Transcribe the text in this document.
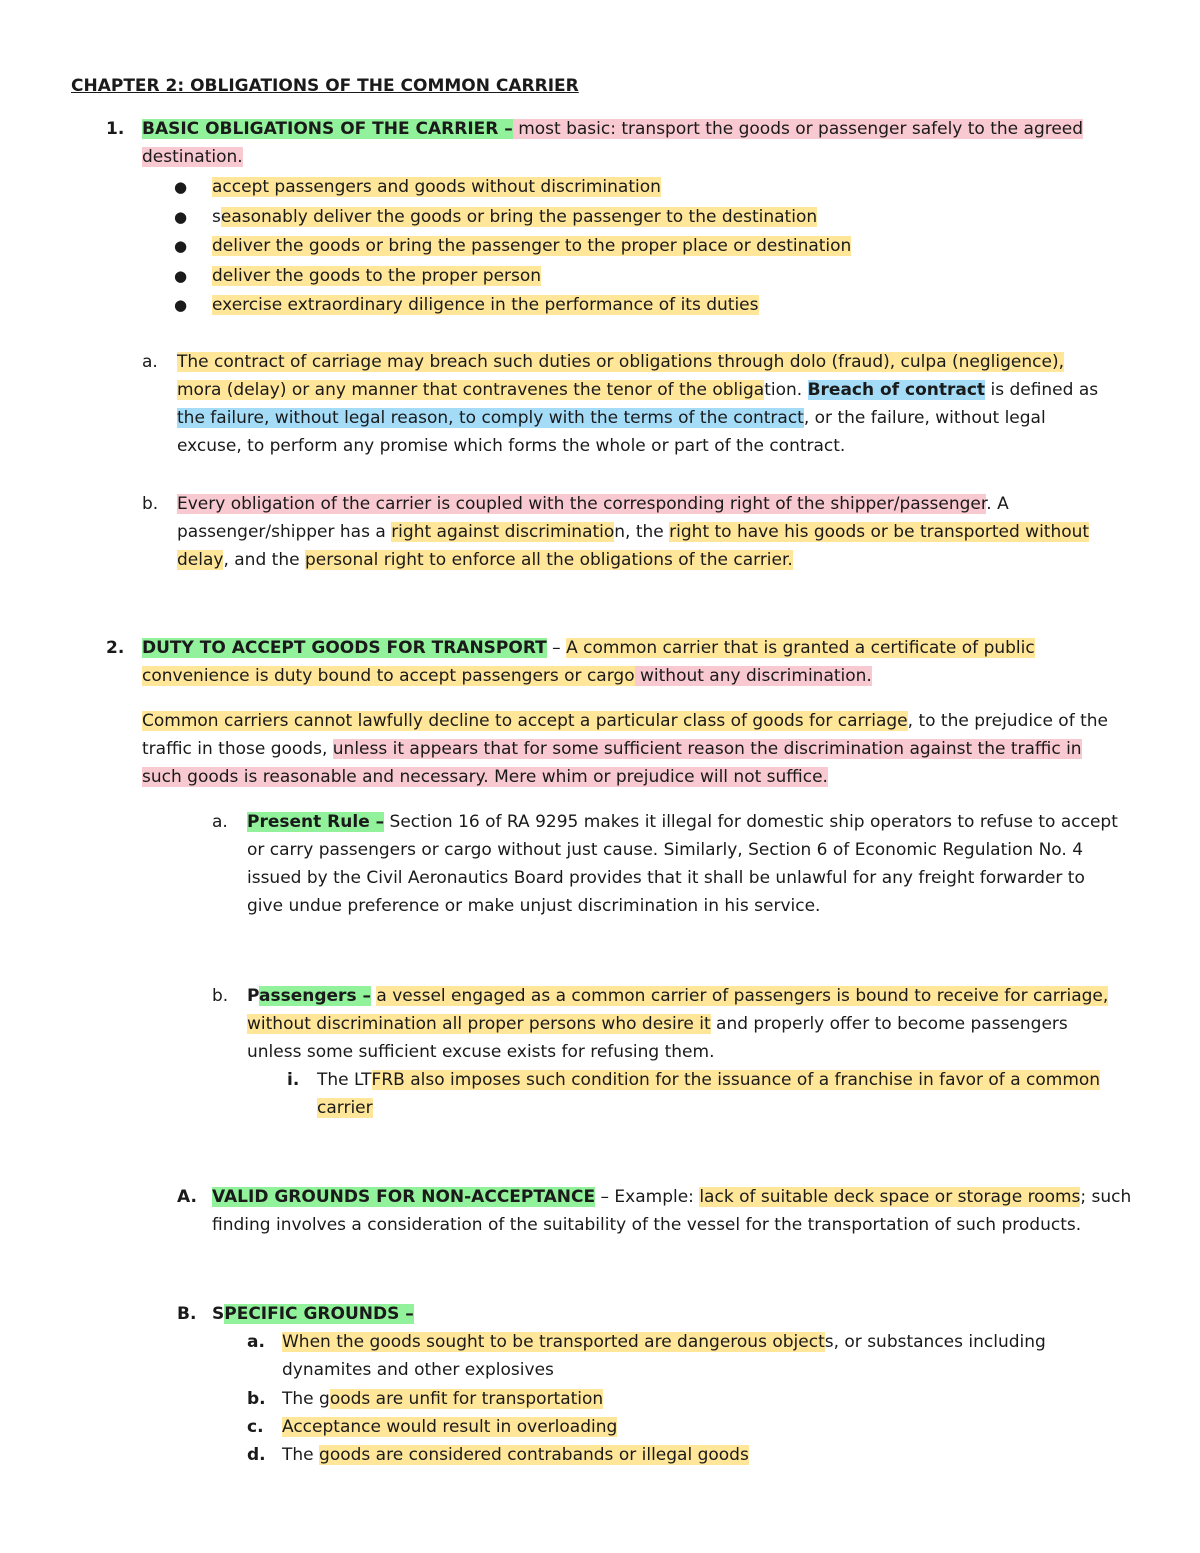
CHAPTER 2: OBLIGATIONS OF THE COMMON CARRIER
1. BASIC OBLIGATIONS OF THE CARRIER – most basic: transport the goods or passenger safely to the agreed
destination.
● accept passengers and goods without discrimination
● seasonably deliver the goods or bring the passenger to the destination
● deliver the goods or bring the passenger to the proper place or destination
● deliver the goods to the proper person
● exercise extraordinary diligence in the performance of its duties
a. The contract of carriage may breach such duties or obligations through dolo (fraud), culpa (negligence),
mora (delay) or any manner that contravenes the tenor of the obligation. Breach of contract is defined as
the failure, without legal reason, to comply with the terms of the contract, or the failure, without legal
excuse, to perform any promise which forms the whole or part of the contract.
b. Every obligation of the carrier is coupled with the corresponding right of the shipper/passenger. A
passenger/shipper has a right against discrimination, the right to have his goods or be transported without
delay, and the personal right to enforce all the obligations of the carrier.
2. DUTY TO ACCEPT GOODS FOR TRANSPORT – A common carrier that is granted a certificate of public
convenience is duty bound to accept passengers or cargo without any discrimination.
Common carriers cannot lawfully decline to accept a particular class of goods for carriage, to the prejudice of the
traffic in those goods, unless it appears that for some sufficient reason the discrimination against the traffic in
such goods is reasonable and necessary. Mere whim or prejudice will not suffice.
a. Present Rule – Section 16 of RA 9295 makes it illegal for domestic ship operators to refuse to accept
or carry passengers or cargo without just cause. Similarly, Section 6 of Economic Regulation No. 4
issued by the Civil Aeronautics Board provides that it shall be unlawful for any freight forwarder to
give undue preference or make unjust discrimination in his service.
b. Passengers – a vessel engaged as a common carrier of passengers is bound to receive for carriage,
without discrimination all proper persons who desire it and properly offer to become passengers
unless some sufficient excuse exists for refusing them.
i. The LTFRB also imposes such condition for the issuance of a franchise in favor of a common
carrier
A. VALID GROUNDS FOR NON-ACCEPTANCE – Example: lack of suitable deck space or storage rooms; such
finding involves a consideration of the suitability of the vessel for the transportation of such products.
B. SPECIFIC GROUNDS –
a. When the goods sought to be transported are dangerous objects, or substances including
dynamites and other explosives
b. The goods are unfit for transportation
c. Acceptance would result in overloading
d. The goods are considered contrabands or illegal goods
